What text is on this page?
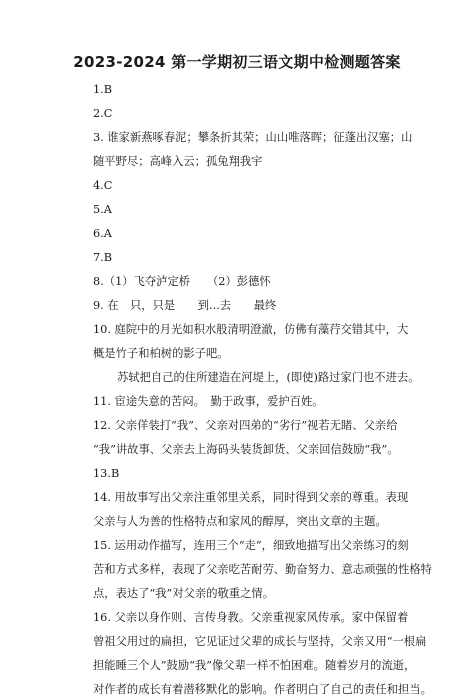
2023-2024 第一学期初三语文期中检测题答案
1.B
2.C
3. 谁家新燕啄春泥；攀条折其荣；山山唯落晖；征蓬出汉塞；山
随平野尽；高峰入云；孤兔翔我宇
4.C
5.A
6.A
7.B
8.（1）飞夺泸定桥　　（2）彭德怀
9. 在　只，只是　　到...去　　最终
10. 庭院中的月光如积水般清明澄澈，仿佛有藻荇交错其中，大
概是竹子和柏树的影子吧。
苏轼把自己的住所建造在河堤上，(即使)路过家门也不进去。
11. 宦途失意的苦闷。　勤于政事，爱护百姓。
12. 父亲佯装打“我”、父亲对四弟的“劣行”视若无睹、父亲给
“我”讲故事、父亲去上海码头装货卸货、父亲回信鼓励“我”。
13.B
14. 用故事写出父亲注重邻里关系，同时得到父亲的尊重。表现
父亲与人为善的性格特点和家风的醇厚，突出文章的主题。
15. 运用动作描写，连用三个“走”，细致地描写出父亲练习的刻
苦和方式多样，表现了父亲吃苦耐劳、勤奋努力、意志顽强的性格特
点，表达了“我”对父亲的敬重之情。
16. 父亲以身作则、言传身教。父亲重视家风传承。家中保留着
曾祖父用过的扁担，它见证过父辈的成长与坚持，父亲又用“一根扁
担能睡三个人”鼓励“我”像父辈一样不怕困难。随着岁月的流逝，
对作者的成长有着潜移默化的影响。作者明白了自己的责任和担当。
